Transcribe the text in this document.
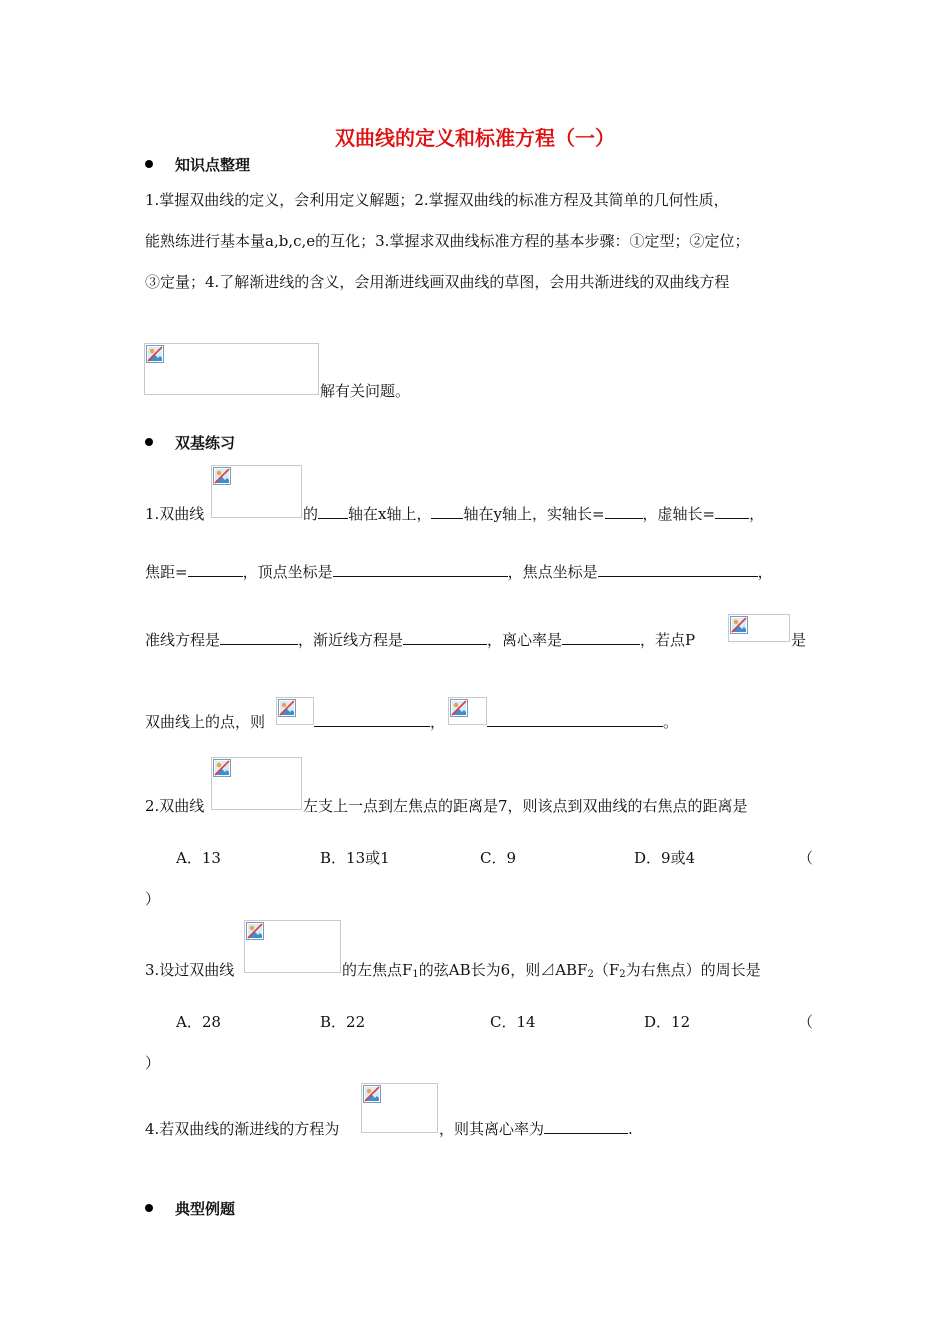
双曲线的定义和标准方程（一）
知识点整理
1.掌握双曲线的定义，会利用定义解题；2.掌握双曲线的标准方程及其简单的几何性质，
能熟练进行基本量a,b,c,e的互化；3.掌握求双曲线标准方程的基本步骤：①定型；②定位；
③定量；4.了解渐进线的含义，会用渐进线画双曲线的草图，会用共渐进线的双曲线方程
解有关问题。
双基练习
1.双曲线	的 轴在x轴上， 轴在y轴上，实轴长=	，虚轴长= ，
焦距=	，顶点坐标是	，焦点坐标是	，
准线方程是	，渐近线方程是	，离心率是	，若点P	是
双曲线上的点，则	，	。
2.双曲线	左支上一点到左焦点的距离是7，则该点到双曲线的右焦点的距离是
A．13	B．13或1	C．9	D．9或4	（
）
3.设过双曲线	的左焦点$F_1$的弦AB长为6，则$⊿ABF_2(F_2$为右焦点）的周长是
A．28	B．22	C．14	D．12	（
）
4.若双曲线的渐进线的方程为	，则其离心率为	.
典型例题
